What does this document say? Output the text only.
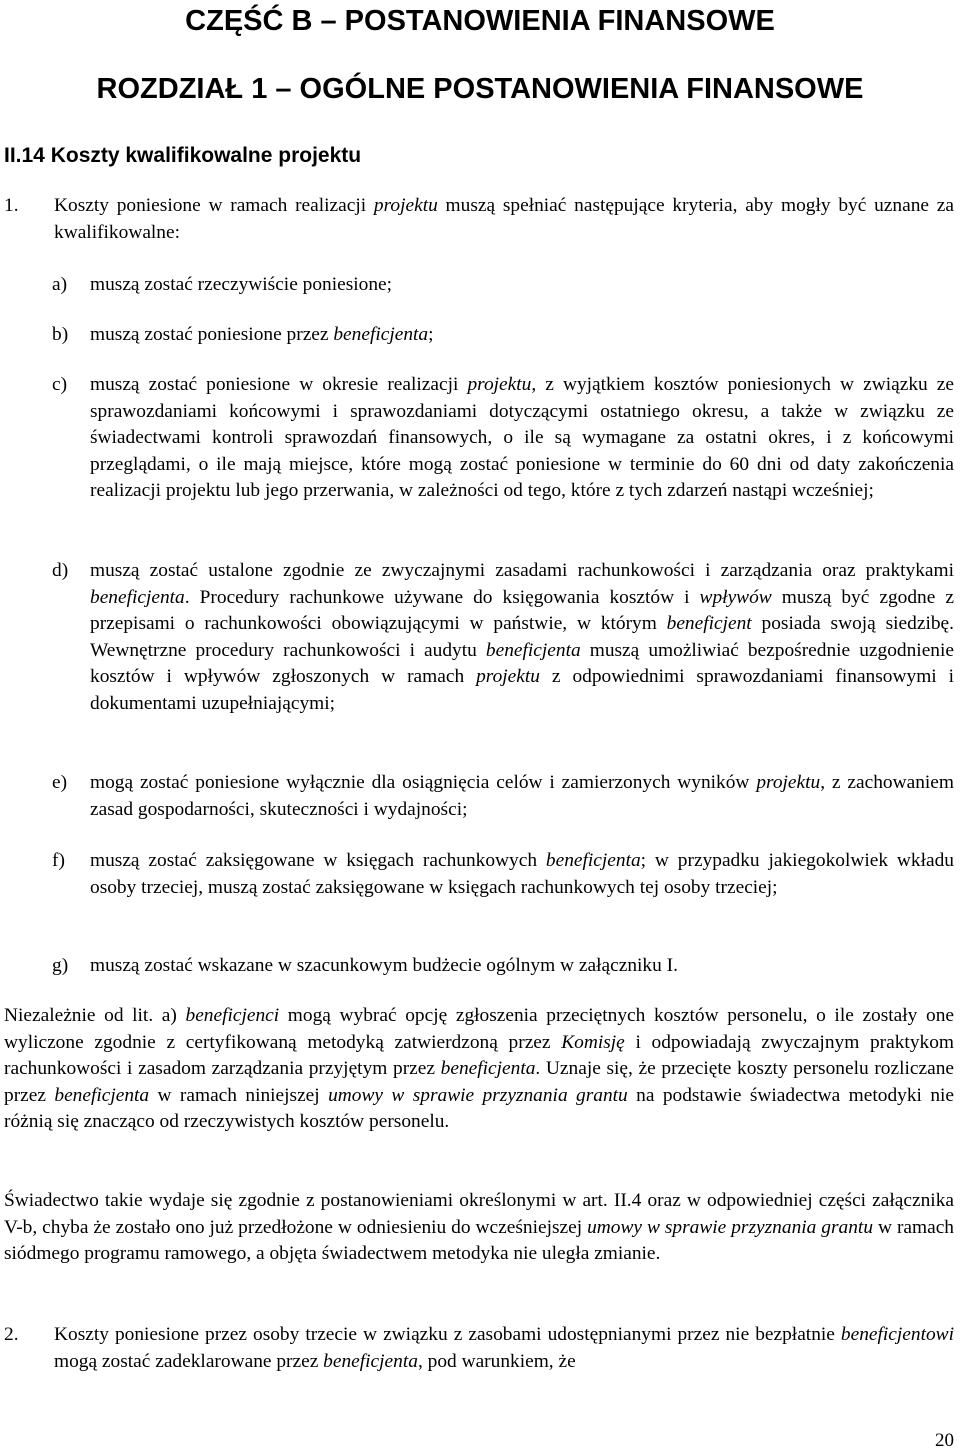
CZĘŚĆ B – POSTANOWIENIA FINANSOWE
ROZDZIAŁ 1 – OGÓLNE POSTANOWIENIA FINANSOWE
II.14 Koszty kwalifikowalne projektu
1.	Koszty poniesione w ramach realizacji projektu muszą spełniać następujące kryteria, aby mogły być uznane za kwalifikowalne:
a) muszą zostać rzeczywiście poniesione;
b) muszą zostać poniesione przez beneficjenta;
c) muszą zostać poniesione w okresie realizacji projektu, z wyjątkiem kosztów poniesionych w związku ze sprawozdaniami końcowymi i sprawozdaniami dotyczącymi ostatniego okresu, a także w związku ze świadectwami kontroli sprawozdań finansowych, o ile są wymagane za ostatni okres, i z końcowymi przeglądami, o ile mają miejsce, które mogą zostać poniesione w terminie do 60 dni od daty zakończenia realizacji projektu lub jego przerwania, w zależności od tego, które z tych zdarzeń nastąpi wcześniej;
d) muszą zostać ustalone zgodnie ze zwyczajnymi zasadami rachunkowości i zarządzania oraz praktykami beneficjenta. Procedury rachunkowe używane do księgowania kosztów i wpływów muszą być zgodne z przepisami o rachunkowości obowiązującymi w państwie, w którym beneficjent posiada swoją siedzibę. Wewnętrzne procedury rachunkowości i audytu beneficjenta muszą umożliwiać bezpośrednie uzgodnienie kosztów i wpływów zgłoszonych w ramach projektu z odpowiednimi sprawozdaniami finansowymi i dokumentami uzupełniającymi;
e) mogą zostać poniesione wyłącznie dla osiągnięcia celów i zamierzonych wyników projektu, z zachowaniem zasad gospodarności, skuteczności i wydajności;
f) muszą zostać zaksięgowane w księgach rachunkowych beneficjenta; w przypadku jakiegokolwiek wkładu osoby trzeciej, muszą zostać zaksięgowane w księgach rachunkowych tej osoby trzeciej;
g) muszą zostać wskazane w szacunkowym budżecie ogólnym w załączniku I.
Niezależnie od lit. a) beneficjenci mogą wybrać opcję zgłoszenia przeciętnych kosztów personelu, o ile zostały one wyliczone zgodnie z certyfikowaną metodyką zatwierdzoną przez Komisję i odpowiadają zwyczajnym praktykom rachunkowości i zasadom zarządzania przyjętym przez beneficjenta. Uznaje się, że przecięte koszty personelu rozliczane przez beneficjenta w ramach niniejszej umowy w sprawie przyznania grantu na podstawie świadectwa metodyki nie różnią się znacząco od rzeczywistych kosztów personelu.
Świadectwo takie wydaje się zgodnie z postanowieniami określonymi w art. II.4 oraz w odpowiedniej części załącznika V-b, chyba że zostało ono już przedłożone w odniesieniu do wcześniejszej umowy w sprawie przyznania grantu w ramach siódmego programu ramowego, a objęta świadectwem metodyka nie uległa zmianie.
2.	Koszty poniesione przez osoby trzecie w związku z zasobami udostępnianymi przez nie bezpłatnie beneficjentowi mogą zostać zadeklarowane przez beneficjenta, pod warunkiem, że
20
